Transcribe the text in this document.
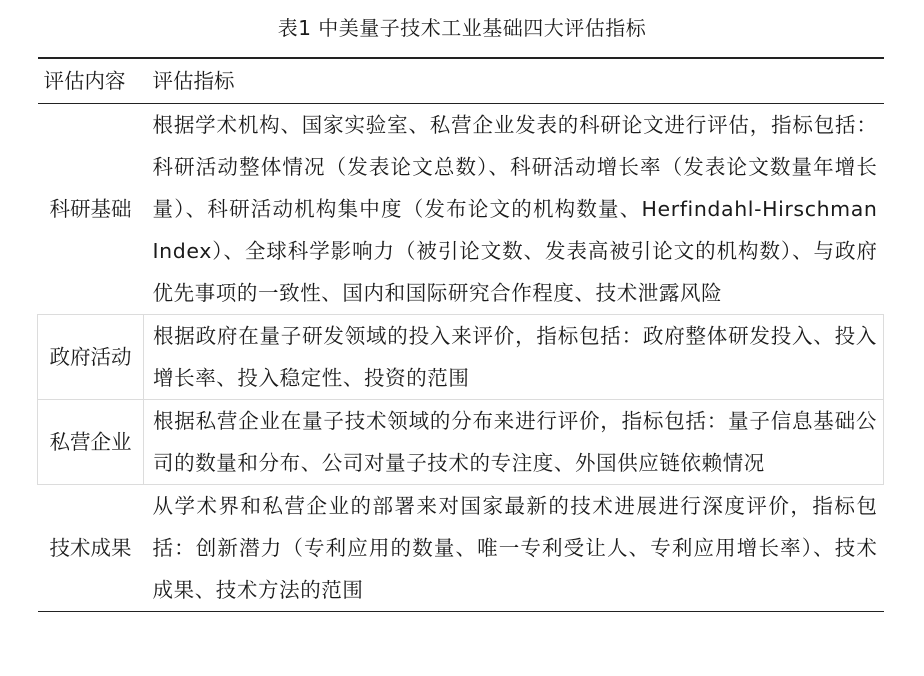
表1 中美量子技术工业基础四大评估指标
评估内容	评估指标
科研基础	根据学术机构、国家实验室、私营企业发表的科研论文进行评估，指标包括：科研活动整体情况（发表论文总数）、科研活动增长率（发表论文数量年增长量）、科研活动机构集中度（发布论文的机构数量、Herfindahl-Hirschman Index）、全球科学影响力（被引论文数、发表高被引论文的机构数）、与政府优先事项的一致性、国内和国际研究合作程度、技术泄露风险
政府活动	根据政府在量子研发领域的投入来评价，指标包括：政府整体研发投入、投入增长率、投入稳定性、投资的范围
私营企业	根据私营企业在量子技术领域的分布来进行评价，指标包括：量子信息基础公司的数量和分布、公司对量子技术的专注度、外国供应链依赖情况
技术成果	从学术界和私营企业的部署来对国家最新的技术进展进行深度评价，指标包括：创新潜力（专利应用的数量、唯一专利受让人、专利应用增长率）、技术成果、技术方法的范围
